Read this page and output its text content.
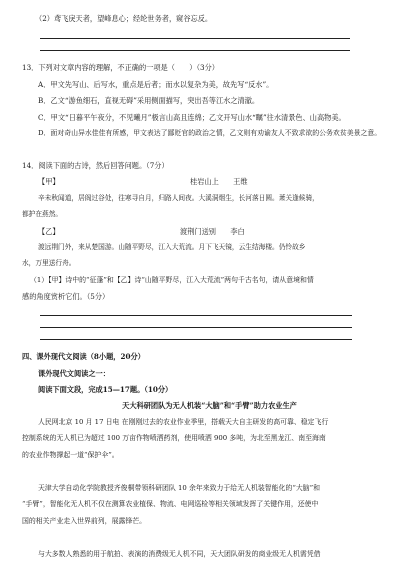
（2）鸢飞戾天者，望峰息心；经纶世务者，窥谷忘反。
13．下列对文章内容的理解，不正确的一项是（　　）（3分）
A．甲文先写山、后写水，重点是后者；而水以复杂为美，故先写“反水”。
B．乙文“游鱼细石，直视无碍”采用侧面描写，突出吾等江水之清澈。
C．甲文“日暮平午夜分，不见曦月”极言山高且连绵；乙文开写山水“瞩”往水清景色、山高物美。
D．面对奇山异水佳佳有所感，甲文表达了鄙贬官的政治之情，乙文则有劝谕友人不致求欲的公务欢贫美景之意。
14．阅读下面的古诗，然后回答问题。（7分）
【甲】	桂岩山上　　王维
辛未秋闻道，居阁过谷处，往寒寻自月，归路人间夜。大溪洞烟生，长河落日圆。萧关逢候骑，
都护在燕然。
【乙】	渡荆门送别　　李白
渡远荆门外，来从楚国游。山随平野尽，江入大荒流。月下飞天镜，云生结海楼。仍怜故乡
水，万里送行舟。
（1）【甲】诗中的“征蓬”和【乙】诗“山随平野尽，江入大荒流”两句千古名句，请从意境和情
感的角度赏析它们。（5分）
四、课外现代文阅读（8小题，20分）
课外现代文阅读之一：
阅读下面文段，完成15—17题。（10分）
天大科研团队为无人机装“大脑”和“手臂”助力农业生产
人民网北京 10 月 17 日电 在刚刚过去的农业作业季里，搭载天大自主研发的高可靠、稳定飞行
控制系统的无人机已为超过 100 万亩作物喷洒药剂，使用喷洒 900 多吨，为北至黑龙江、南至海南
的农业作物撑起一道“保护伞”。
天津大学自动化学院教授齐俊桐带领科研团队 10 余年来致力于给无人机装智能化的“大脑”和
“手臂”，智能化无人机不仅在测算农业植保、物流、电网巡检等相关领域发挥了关键作用，还使中
国的相关产业走入世界前列，展露锋芒。
与大多数人熟悉的用于航拍、表演的消费级无人机不同，天大团队研发的商业级无人机需凭借
